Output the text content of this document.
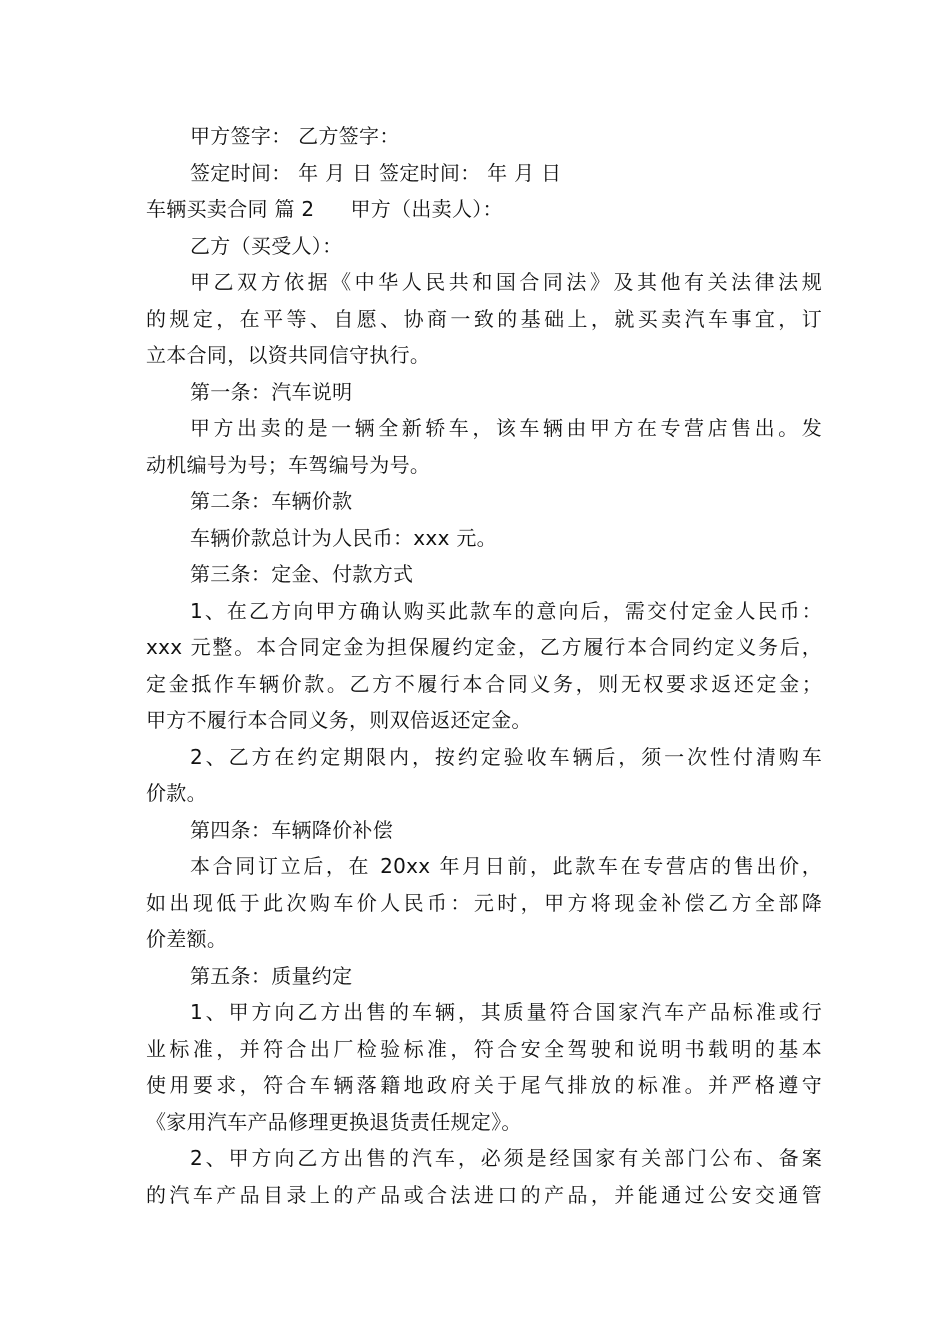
甲方签字： 乙方签字：
签定时间： 年 月 日 签定时间： 年 月 日
车辆买卖合同 篇 2 甲方（出卖人）：
乙方（买受人）：
甲乙双方依据《中华人民共和国合同法》及其他有关法律法规
的规定，在平等、自愿、协商一致的基础上，就买卖汽车事宜，订
立本合同，以资共同信守执行。
第一条：汽车说明
甲方出卖的是一辆全新轿车，该车辆由甲方在专营店售出。发
动机编号为号；车驾编号为号。
第二条：车辆价款
车辆价款总计为人民币：xxx 元。
第三条：定金、付款方式
1、在乙方向甲方确认购买此款车的意向后，需交付定金人民币：
xxx 元整。本合同定金为担保履约定金，乙方履行本合同约定义务后，
定金抵作车辆价款。乙方不履行本合同义务，则无权要求返还定金；
甲方不履行本合同义务，则双倍返还定金。
2、乙方在约定期限内，按约定验收车辆后，须一次性付清购车
价款。
第四条：车辆降价补偿
本合同订立后，在 20xx 年月日前，此款车在专营店的售出价，
如出现低于此次购车价人民币：元时，甲方将现金补偿乙方全部降
价差额。
第五条：质量约定
1、甲方向乙方出售的车辆，其质量符合国家汽车产品标准或行
业标准，并符合出厂检验标准，符合安全驾驶和说明书载明的基本
使用要求，符合车辆落籍地政府关于尾气排放的标准。并严格遵守
《家用汽车产品修理更换退货责任规定》。
2、甲方向乙方出售的汽车，必须是经国家有关部门公布、备案
的汽车产品目录上的产品或合法进口的产品，并能通过公安交通管
